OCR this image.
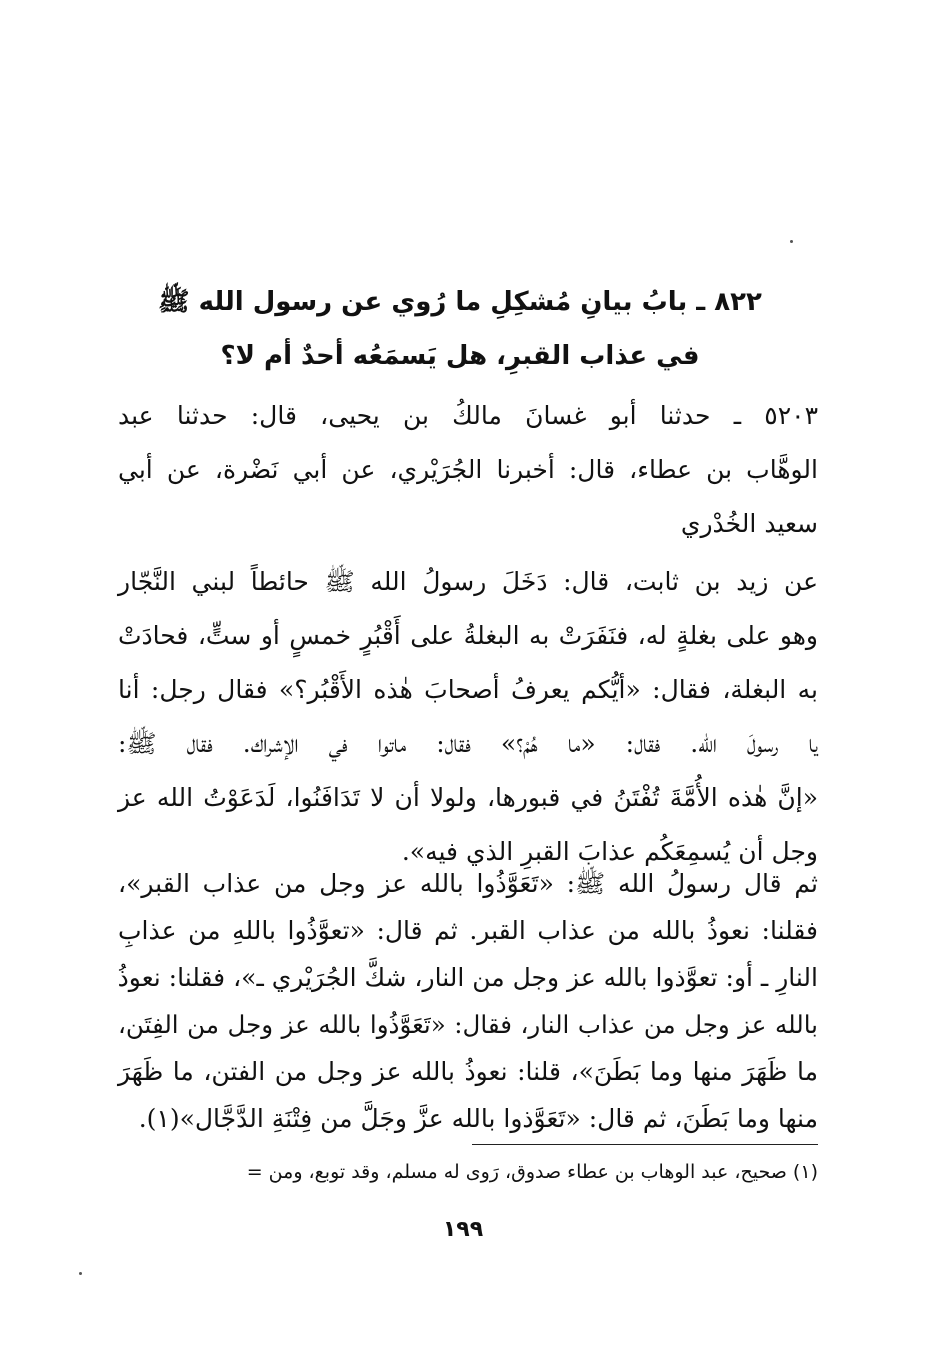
٨٢٢ ـ بابُ بيانِ مُشكِلِ ما رُوي عن رسول الله ﷺ
في عذاب القبرِ، هل يَسمَعُه أحدٌ أم لا؟
٥٢٠٣ ـ حدثنا أبو غسانَ مالكُ بن يحيى، قال: حدثنا عبد
الوهَّاب بن عطاء، قال: أخبرنا الجُرَيْري، عن أبي نَضْرة، عن أبي
سعيد الخُدْري
عن زيد بن ثابت، قال: دَخَلَ رسولُ الله ﷺ حائطاً لبني النَّجّار
وهو على بغلةٍ له، فنَفَرَتْ به البغلةُ على أَقْبُرٍ خمسٍ أو ستٍّ، فحادَتْ
به البغلة، فقال: «أيُّكم يعرفُ أصحابَ هٰذه الأَقْبُر؟» فقال رجل: أنا
يا رسولَ الله. فقال: «ما هُمْ؟» فقال: ماتوا في الإشراك. فقال ﷺ:
«إنَّ هٰذه الأُمَّةَ تُفْتَنُ في قبورها، ولولا أن لا تَدَافَنُوا، لَدَعَوْتُ الله عز
وجل أن يُسمِعَكُم عذابَ القبرِ الذي فيه».
ثم قال رسولُ الله ﷺ: «تَعَوَّذُوا بالله عز وجل من عذاب القبر»،
فقلنا: نعوذُ بالله من عذاب القبر. ثم قال: «تعوَّذُوا باللهِ من عذابِ
النارِ ـ أو: تعوَّذوا بالله عز وجل من النار، شكَّ الجُرَيْري ـ»، فقلنا: نعوذُ
بالله عز وجل من عذاب النار، فقال: «تَعَوَّذُوا بالله عز وجل من الفِتَن،
ما ظَهَرَ منها وما بَطَنَ»، قلنا: نعوذُ بالله عز وجل من الفتن، ما ظَهَرَ
منها وما بَطَنَ، ثم قال: «تَعَوَّذوا بالله عزَّ وجَلَّ من فِتْنَةِ الدَّجَّال»(١).
(١) صحيح، عبد الوهاب بن عطاء صدوق، رَوى له مسلم، وقد توبع، ومن =
١٩٩
